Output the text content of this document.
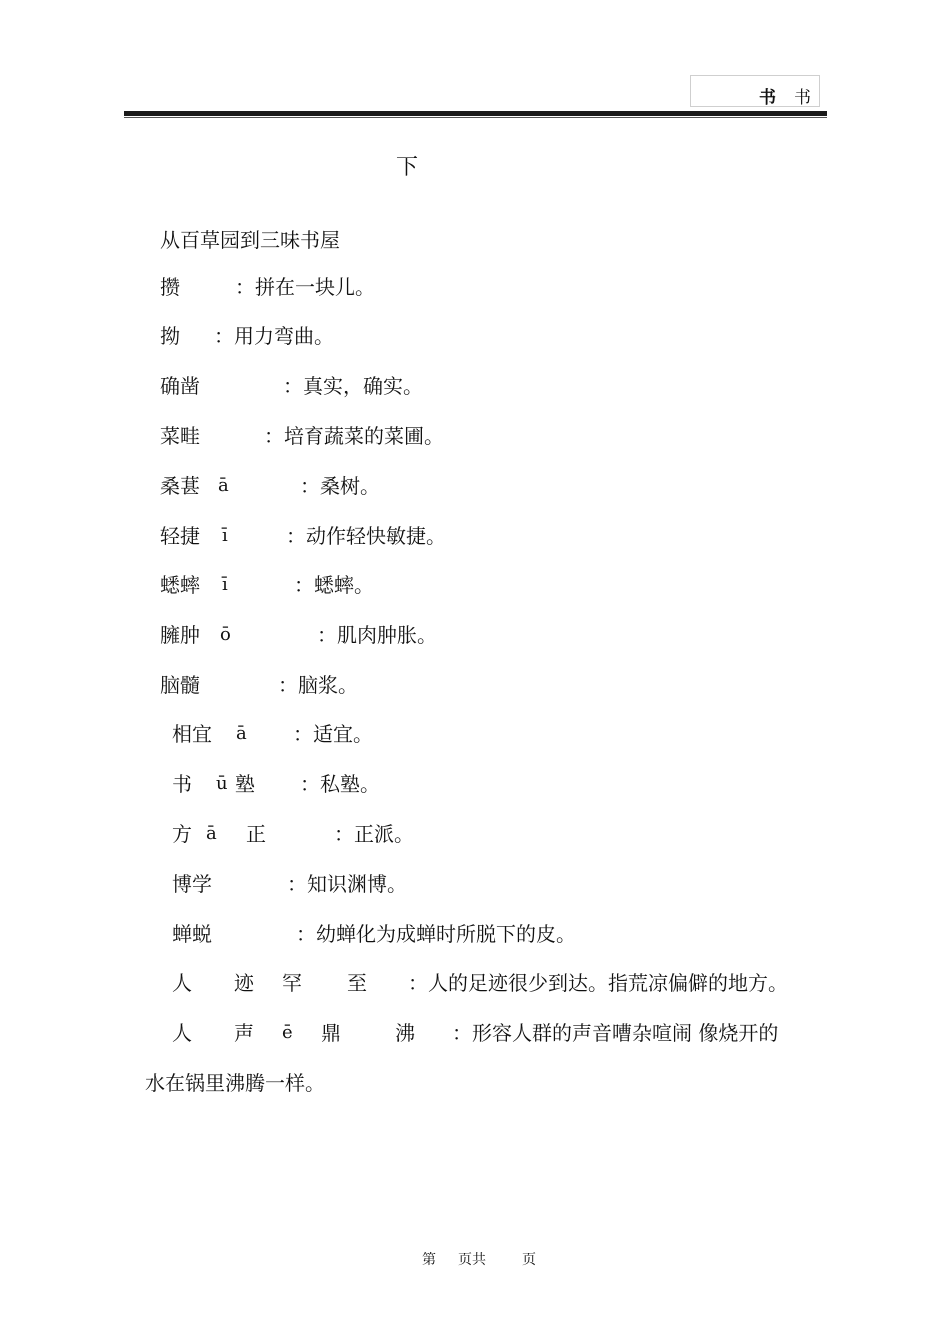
书 书
下
从百草园到三味书屋
攒	：拼在一块儿。
拗 ：用力弯曲。
确凿	：真实，确实。
菜畦	：培育蔬菜的菜圃。
桑葚 ā	：桑树。
轻捷 ī	：动作轻快敏捷。
蟋蟀 ī	：蟋蟀。
臃肿 ō	：肌肉肿胀。
脑髓	：脑浆。
相宜 ā ：适宜。
书 ū 塾 ：私塾。
方 ā 正	：正派。
博学	：知识渊博。
蝉蜕	：幼蝉化为成蝉时所脱下的皮。
人 迹 罕 至 ：人的足迹很少到达。指荒凉偏僻的地方。
人 声 ē 鼎	沸 ：形容人群的声音嘈杂喧闹 像烧开的
水在锅里沸腾一样。
第 页共	页
